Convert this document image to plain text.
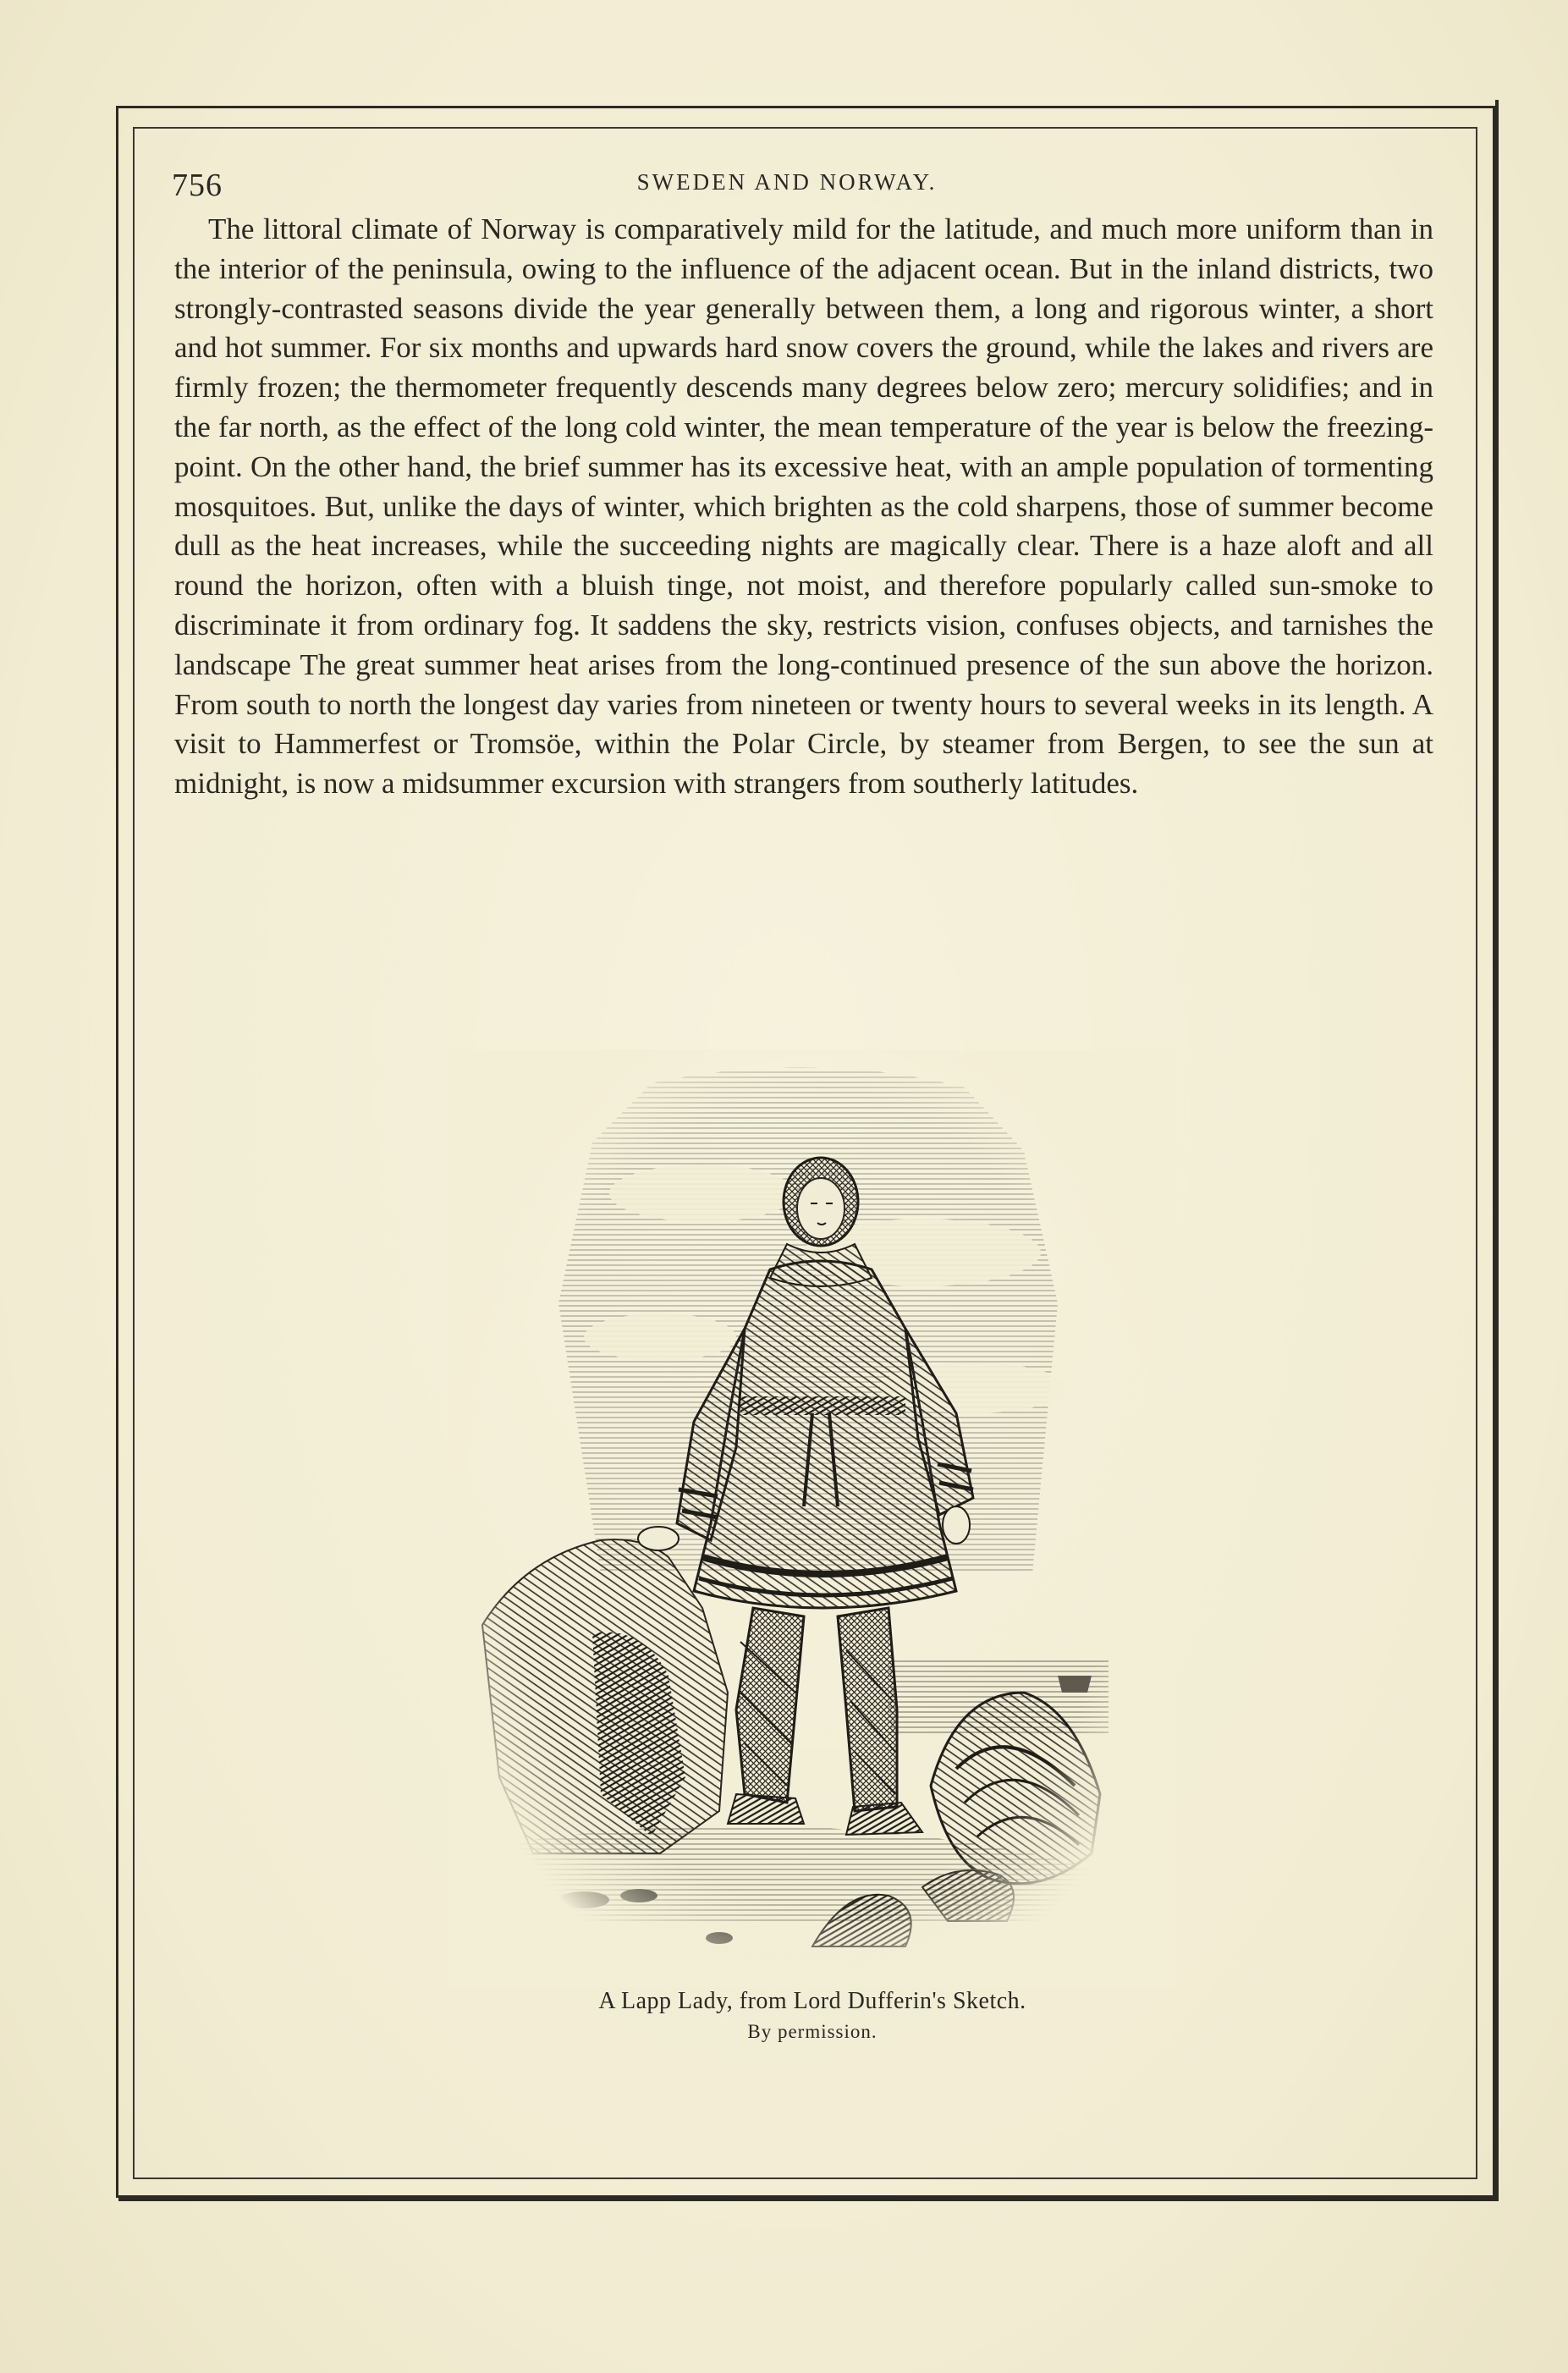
756	SWEDEN AND NORWAY.

The littoral climate of Norway is comparatively mild for the latitude, and much more uniform than in the interior of the peninsula, owing to the influence of the adjacent ocean. But in the inland districts, two strongly-contrasted seasons divide the year generally between them, a long and rigorous winter, a short and hot summer. For six months and upwards hard snow covers the ground, while the lakes and rivers are firmly frozen; the thermometer frequently descends many degrees below zero; mercury solidifies; and in the far north, as the effect of the long cold winter, the mean temperature of the year is below the freezing-point. On the other hand, the brief summer has its excessive heat, with an ample population of tormenting mosquitoes. But, unlike the days of winter, which brighten as the cold sharpens, those of summer become dull as the heat increases, while the succeeding nights are magically clear. There is a haze aloft and all round the horizon, often with a bluish tinge, not moist, and therefore popularly called sun-smoke to discriminate it from ordinary fog. It saddens the sky, restricts vision, confuses objects, and tarnishes the landscape The great summer heat arises from the long-continued presence of the sun above the horizon. From south to north the longest day varies from nineteen or twenty hours to several weeks in its length. A visit to Hammerfest or Tromsöe, within the Polar Circle, by steamer from Bergen, to see the sun at midnight, is now a midsummer excursion with strangers from southerly latitudes.

A Lapp Lady, from Lord Dufferin's Sketch.
By permission.
